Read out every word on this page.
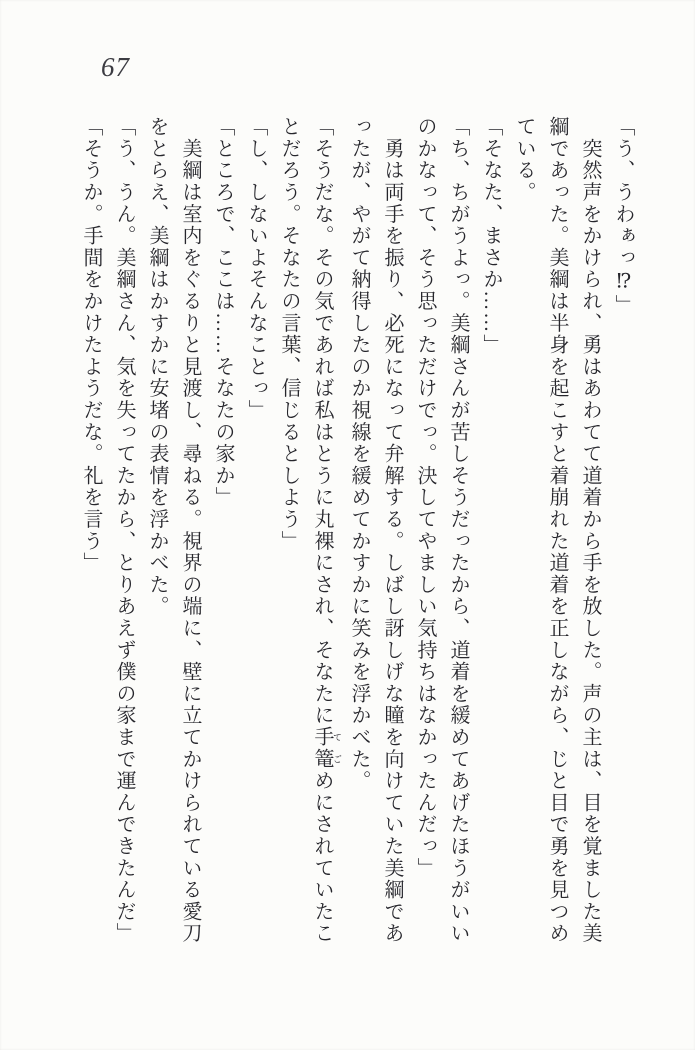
67

「う、うわぁっ⁉」

　突然声をかけられ、勇はあわてて道着から手を放した。声の主は、目を覚ました美

綱であった。美綱は半身を起こすと着崩れた道着を正しながら、じと目で勇を見つめ

ている。

「そなた、まさか……」

「ち、ちがうよっ。美綱さんが苦しそうだったから、道着を緩めてあげたほうがいい

のかなって、そう思っただけでっ。決してやましい気持ちはなかったんだっ」

　勇は両手を振り、必死になって弁解する。しばし訝しげな瞳を向けていた美綱であ

ったが、やがて納得したのか視線を緩めてかすかに笑みを浮かべた。

「そうだな。その気であれば私はとうに丸裸にされ、そなたに手 て篭 ごめにされていたこ

とだろう。そなたの言葉、信じるとしよう」

「し、しないよそんなことっ」

「ところで、ここは……そなたの家か」

　美綱は室内をぐるりと見渡し、尋ねる。視界の端に、壁に立てかけられている愛刀

をとらえ、美綱はかすかに安堵の表情を浮かべた。

「う、うん。美綱さん、気を失ってたから、とりあえず僕の家まで運んできたんだ」

「そうか。手間をかけたようだな。礼を言う」
